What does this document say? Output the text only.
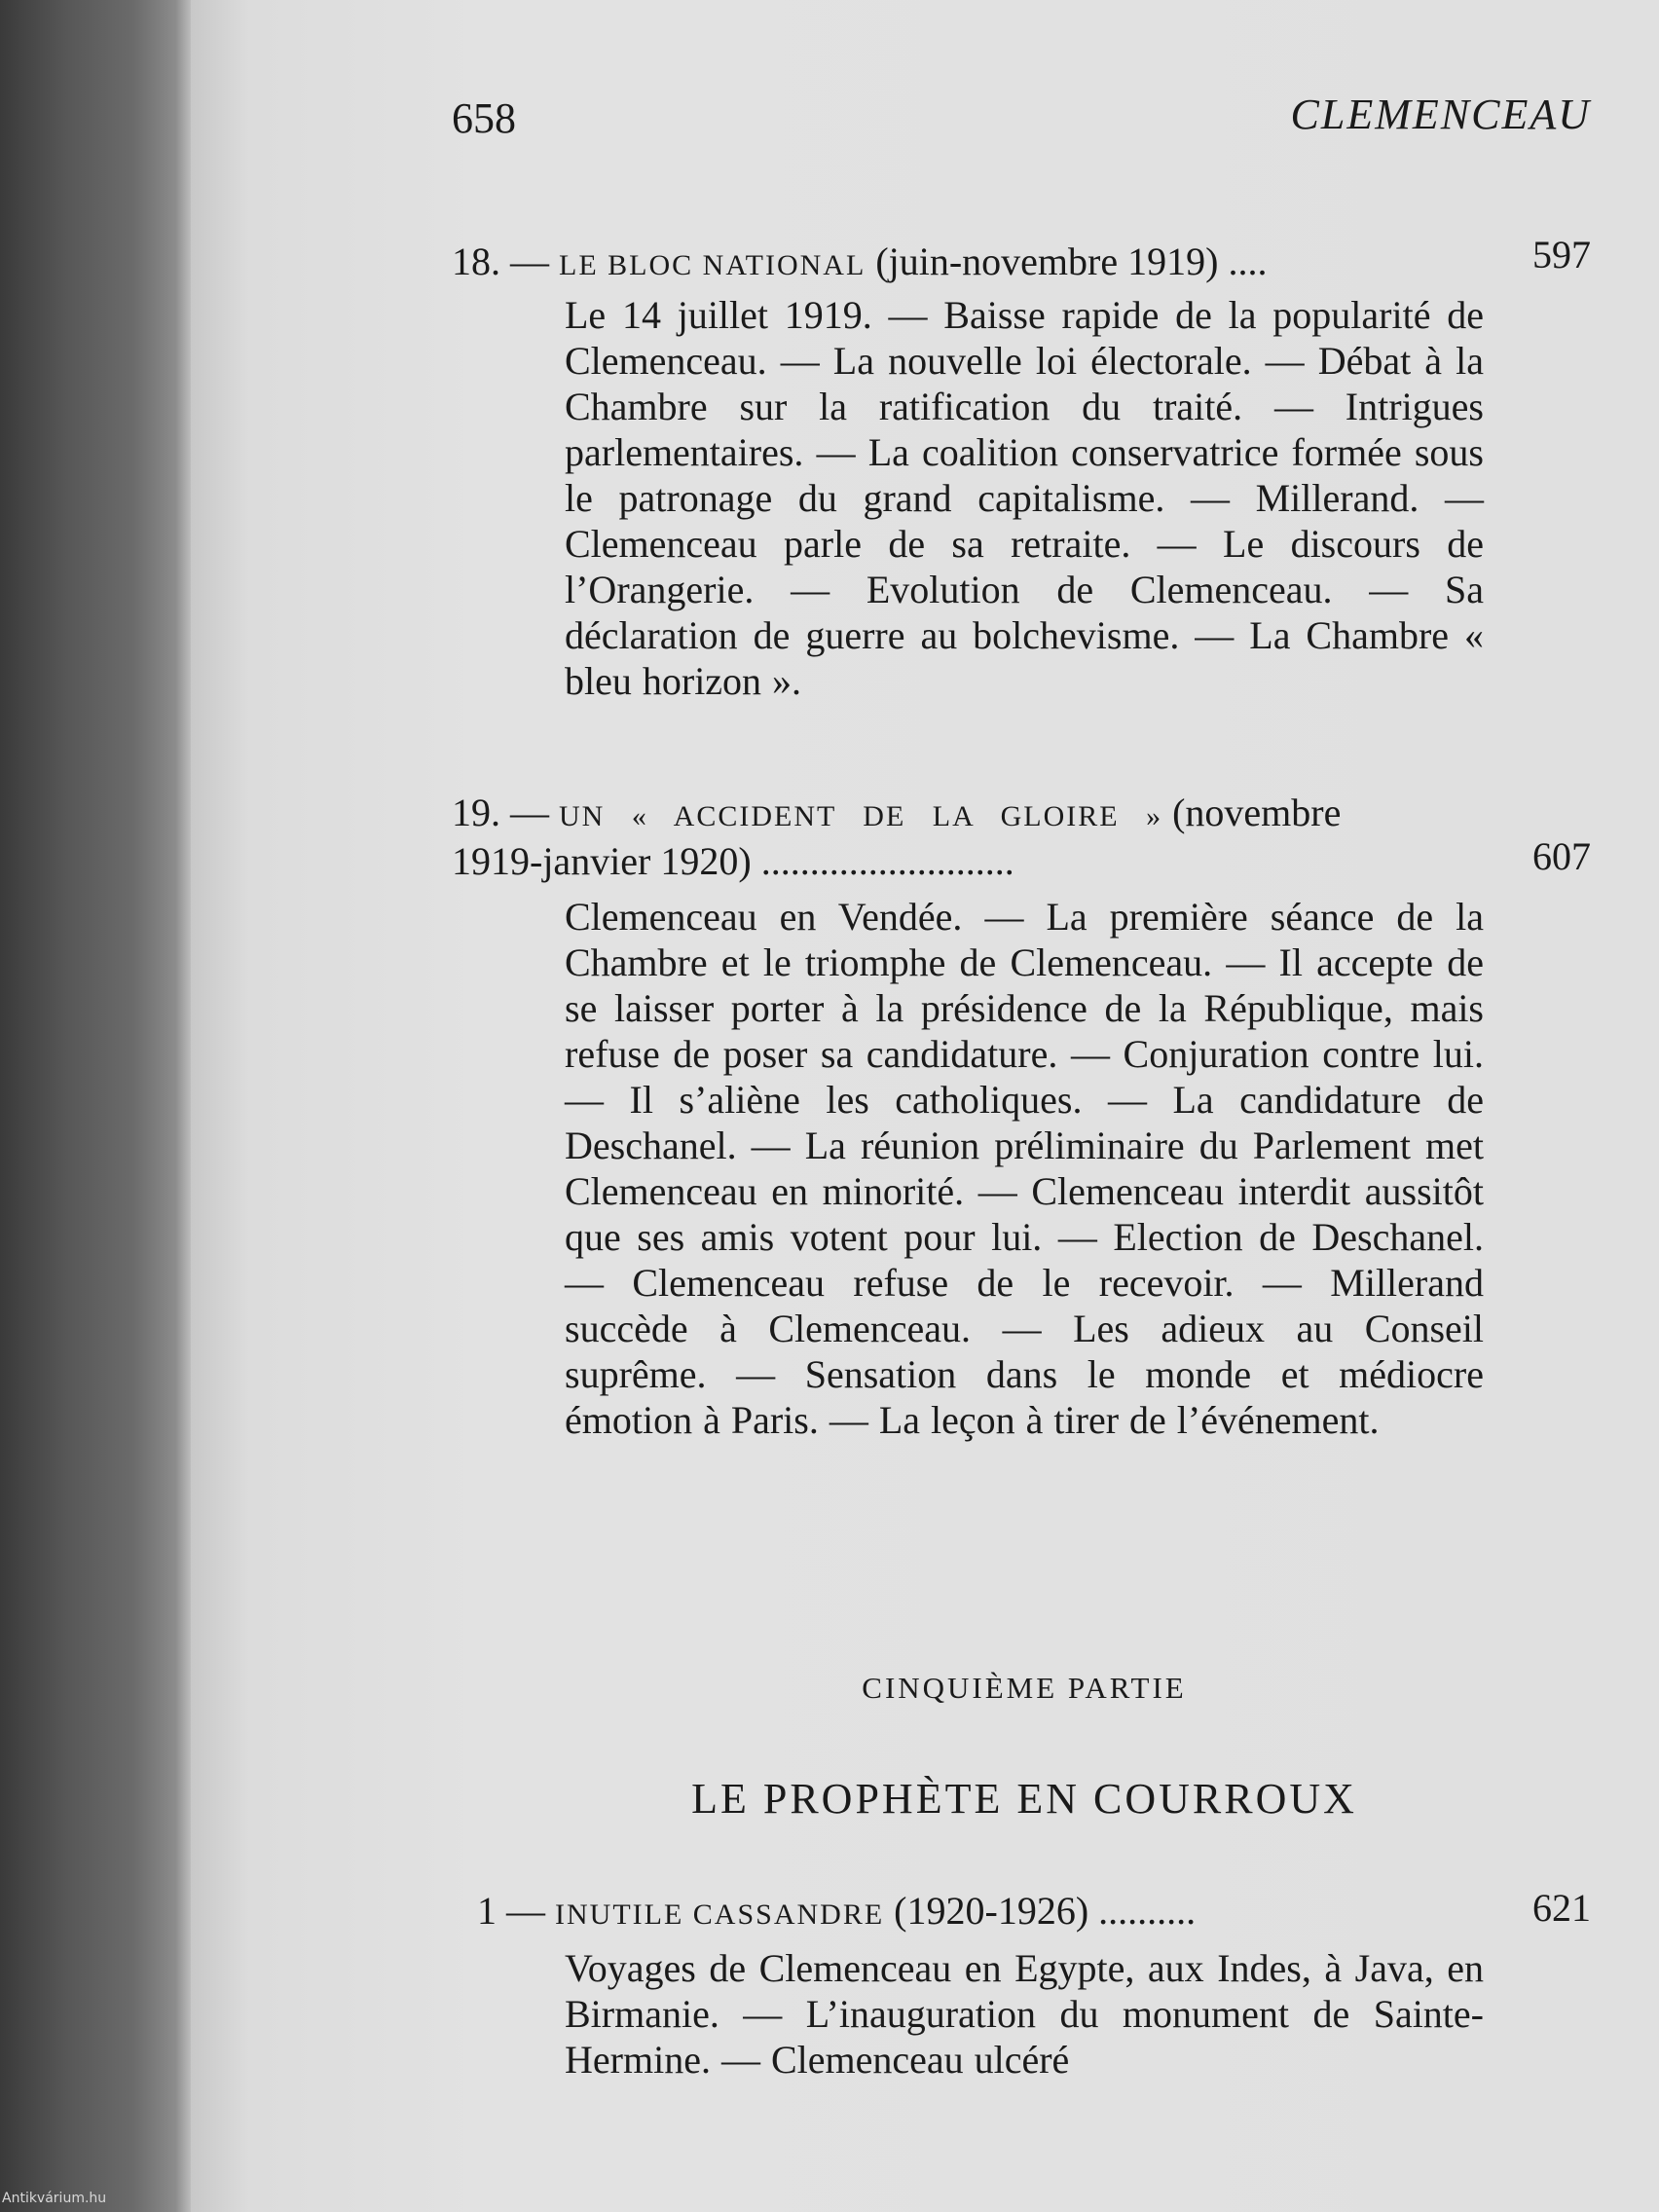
658	CLEMENCEAU
18. — LE BLOC NATIONAL (juin-novembre 1919) ....	597
Le 14 juillet 1919. — Baisse rapide de la popularité de Clemenceau. — La nouvelle loi électorale. — Débat à la Chambre sur la ratification du traité. — Intrigues parlementaires. — La coalition conservatrice formée sous le patronage du grand capitalisme. — Millerand. — Clemenceau parle de sa retraite. — Le discours de l’Orangerie. — Evolution de Clemenceau. — Sa déclaration de guerre au bolchevisme. — La Chambre « bleu horizon ».
19. — UN « ACCIDENT DE LA GLOIRE » (novembre
1919-janvier 1920) ..........................	607
Clemenceau en Vendée. — La première séance de la Chambre et le triomphe de Clemenceau. — Il accepte de se laisser porter à la présidence de la République, mais refuse de poser sa candidature. — Conjuration contre lui. — Il s’aliène les catholiques. — La candidature de Deschanel. — La réunion préliminaire du Parlement met Clemenceau en minorité. — Clemenceau interdit aussitôt que ses amis votent pour lui. — Election de Deschanel. — Clemenceau refuse de le recevoir. — Millerand succède à Clemenceau. — Les adieux au Conseil suprême. — Sensation dans le monde et médiocre émotion à Paris. — La leçon à tirer de l’événement.
CINQUIÈME PARTIE
LE PROPHÈTE EN COURROUX
1 — INUTILE CASSANDRE (1920-1926) ..........	621
Voyages de Clemenceau en Egypte, aux Indes, à Java, en Birmanie. — L’inauguration du monument de Sainte-Hermine. — Clemenceau ulcéré
Antikvárium.hu
